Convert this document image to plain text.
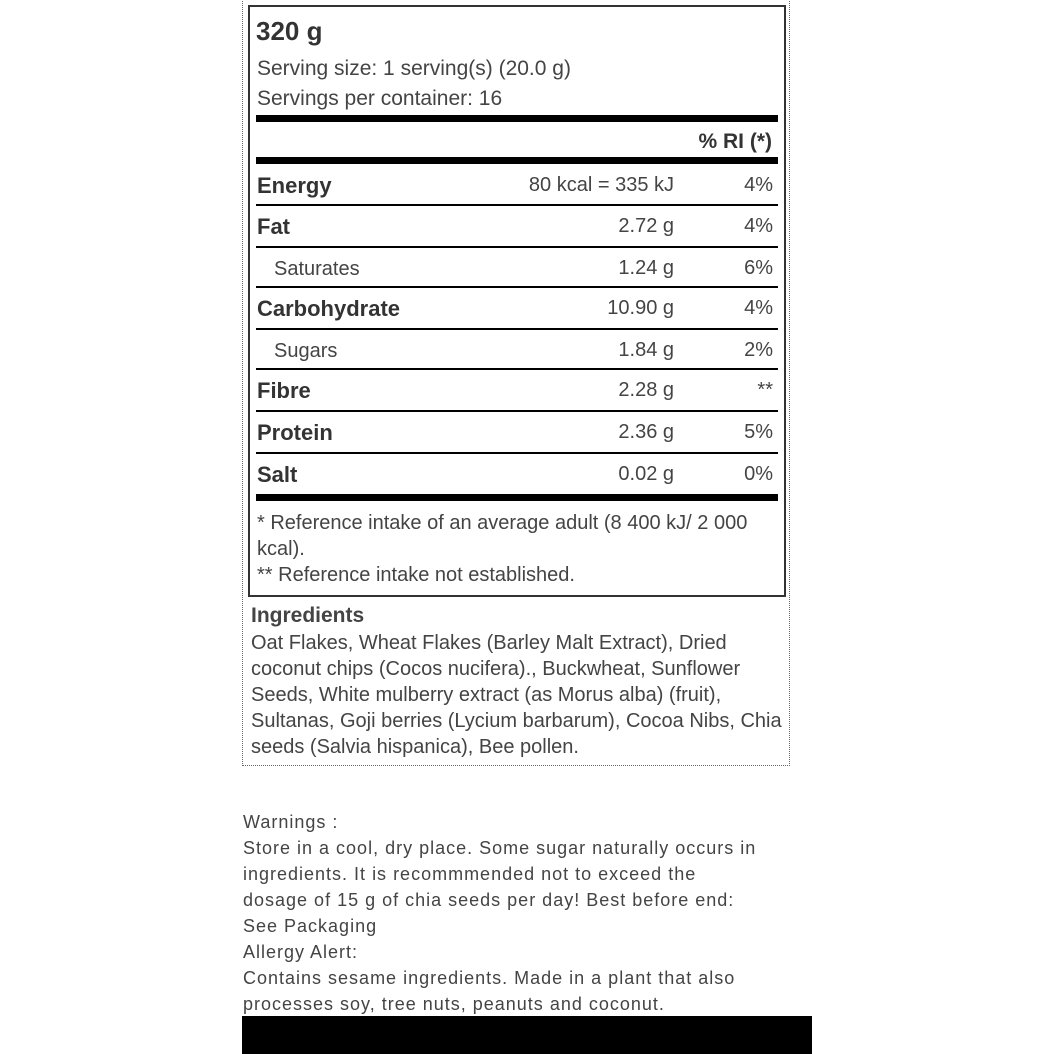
320 g
Serving size: 1 serving(s) (20.0 g)
Servings per container: 16
% RI (*)
Energy	80 kcal = 335 kJ	4%
Fat	2.72 g	4%
Saturates	1.24 g	6%
Carbohydrate	10.90 g	4%
Sugars	1.84 g	2%
Fibre	2.28 g	**
Protein	2.36 g	5%
Salt	0.02 g	0%
* Reference intake of an average adult (8 400 kJ/ 2 000 kcal).
** Reference intake not established.
Ingredients
Oat Flakes, Wheat Flakes (Barley Malt Extract), Dried coconut chips (Cocos nucifera)., Buckwheat, Sunflower Seeds, White mulberry extract (as Morus alba) (fruit), Sultanas, Goji berries (Lycium barbarum), Cocoa Nibs, Chia seeds (Salvia hispanica), Bee pollen.
Warnings :
Store in a cool, dry place. Some sugar naturally occurs in
ingredients. It is recommmended not to exceed the
dosage of 15 g of chia seeds per day! Best before end:
See Packaging
Allergy Alert:
Contains sesame ingredients. Made in a plant that also
processes soy, tree nuts, peanuts and coconut.
